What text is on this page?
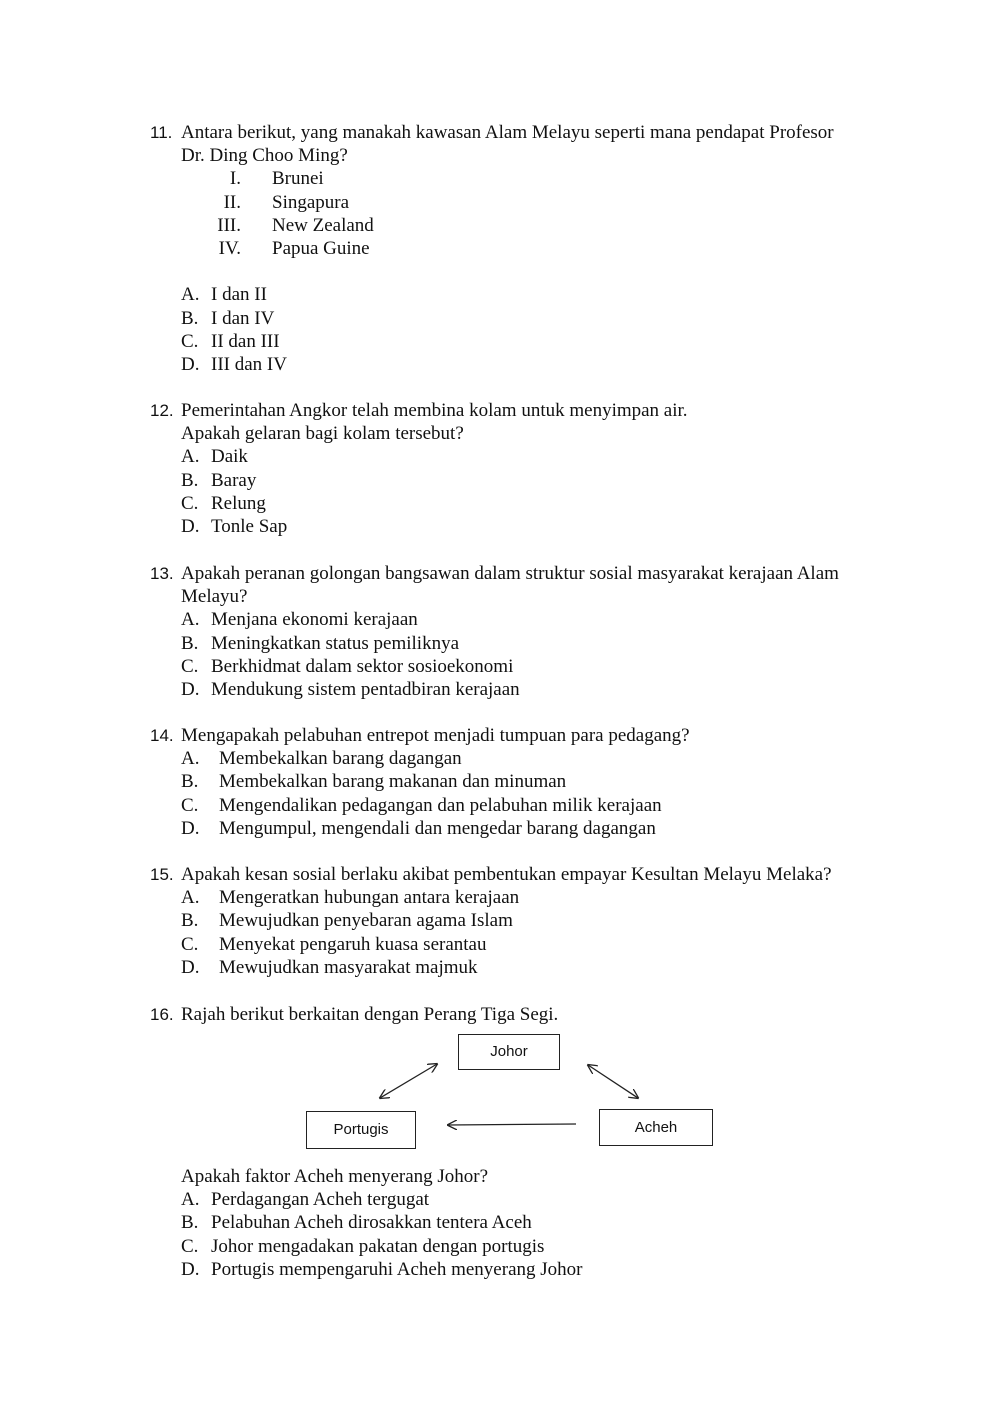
11. Antara berikut, yang manakah kawasan Alam Melayu seperti mana pendapat Profesor
Dr. Ding Choo Ming?
I.	Brunei
II.	Singapura
III.	New Zealand
IV.	Papua Guine
A. I dan II
B. I dan IV
C. II dan III
D. III dan IV
12. Pemerintahan Angkor telah membina kolam untuk menyimpan air.
Apakah gelaran bagi kolam tersebut?
A. Daik
B. Baray
C. Relung
D. Tonle Sap
13. Apakah peranan golongan bangsawan dalam struktur sosial masyarakat kerajaan Alam
Melayu?
A. Menjana ekonomi kerajaan
B. Meningkatkan status pemiliknya
C. Berkhidmat dalam sektor sosioekonomi
D. Mendukung sistem pentadbiran kerajaan
14. Mengapakah pelabuhan entrepot menjadi tumpuan para pedagang?
A.	Membekalkan barang dagangan
B.	Membekalkan barang makanan dan minuman
C.	Mengendalikan pedagangan dan pelabuhan milik kerajaan
D.	Mengumpul, mengendali dan mengedar barang dagangan
15. Apakah kesan sosial berlaku akibat pembentukan empayar Kesultan Melayu Melaka?
A.	Mengeratkan hubungan antara kerajaan
B.	Mewujudkan penyebaran agama Islam
C.	Menyekat pengaruh kuasa serantau
D.	Mewujudkan masyarakat majmuk
16. Rajah berikut berkaitan dengan Perang Tiga Segi.
Johor
Portugis	Acheh
Apakah faktor Acheh menyerang Johor?
A. Perdagangan Acheh tergugat
B. Pelabuhan Acheh dirosakkan tentera Aceh
C. Johor mengadakan pakatan dengan portugis
D. Portugis mempengaruhi Acheh menyerang Johor
